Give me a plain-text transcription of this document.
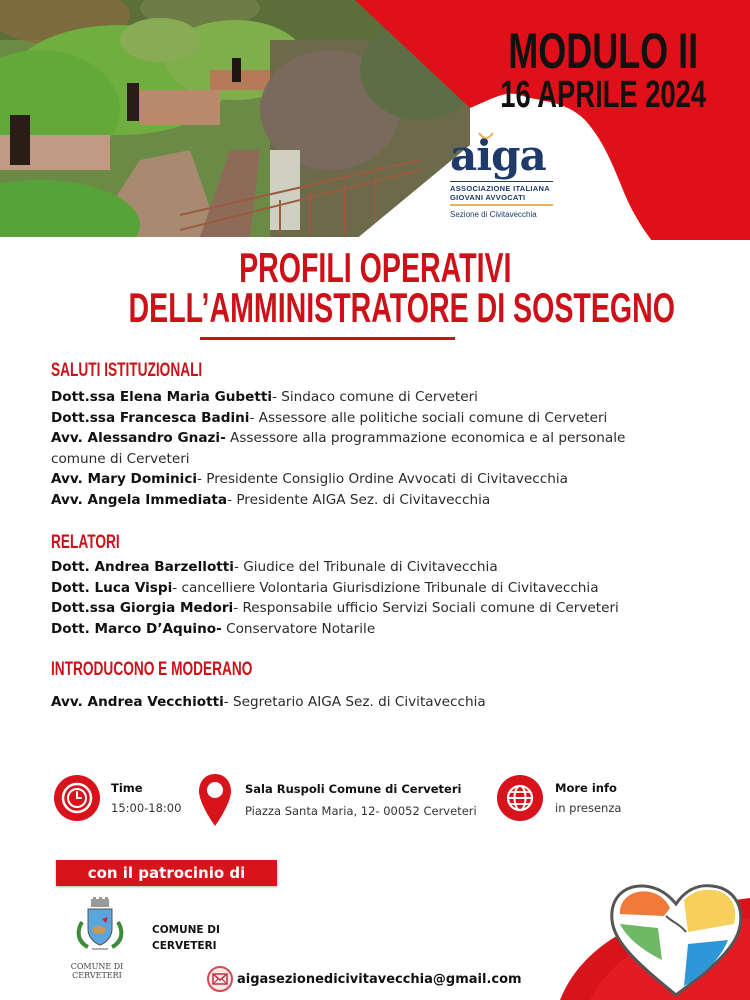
MODULO II
16 APRILE 2024
aiga
ASSOCIAZIONE ITALIANA
GIOVANI AVVOCATI
Sezione di Civitavecchia
PROFILI OPERATIVI
DELL’AMMINISTRATORE DI SOSTEGNO
SALUTI ISTITUZIONALI
Dott.ssa Elena Maria Gubetti- Sindaco comune di Cerveteri
Dott.ssa Francesca Badini- Assessore alle politiche sociali comune di Cerveteri
Avv. Alessandro Gnazi- Assessore alla programmazione economica e al personale comune di Cerveteri
Avv. Mary Dominici- Presidente Consiglio Ordine Avvocati di Civitavecchia
Avv. Angela Immediata- Presidente AIGA Sez. di Civitavecchia
RELATORI
Dott. Andrea Barzellotti- Giudice del Tribunale di Civitavecchia
Dott. Luca Vispi- cancelliere Volontaria Giurisdizione Tribunale di Civitavecchia
Dott.ssa Giorgia Medori- Responsabile ufficio Servizi Sociali comune di Cerveteri
Dott. Marco D’Aquino- Conservatore Notarile
INTRODUCONO E MODERANO
Avv. Andrea Vecchiotti- Segretario AIGA Sez. di Civitavecchia
Time
15:00-18:00
Sala Ruspoli Comune di Cerveteri
Piazza Santa Maria, 12- 00052 Cerveteri
More info
in presenza
con il patrocinio di
COMUNE DI
CERVETERI
COMUNE DI
CERVETERI
aigasezionedicivitavecchia@gmail.com
